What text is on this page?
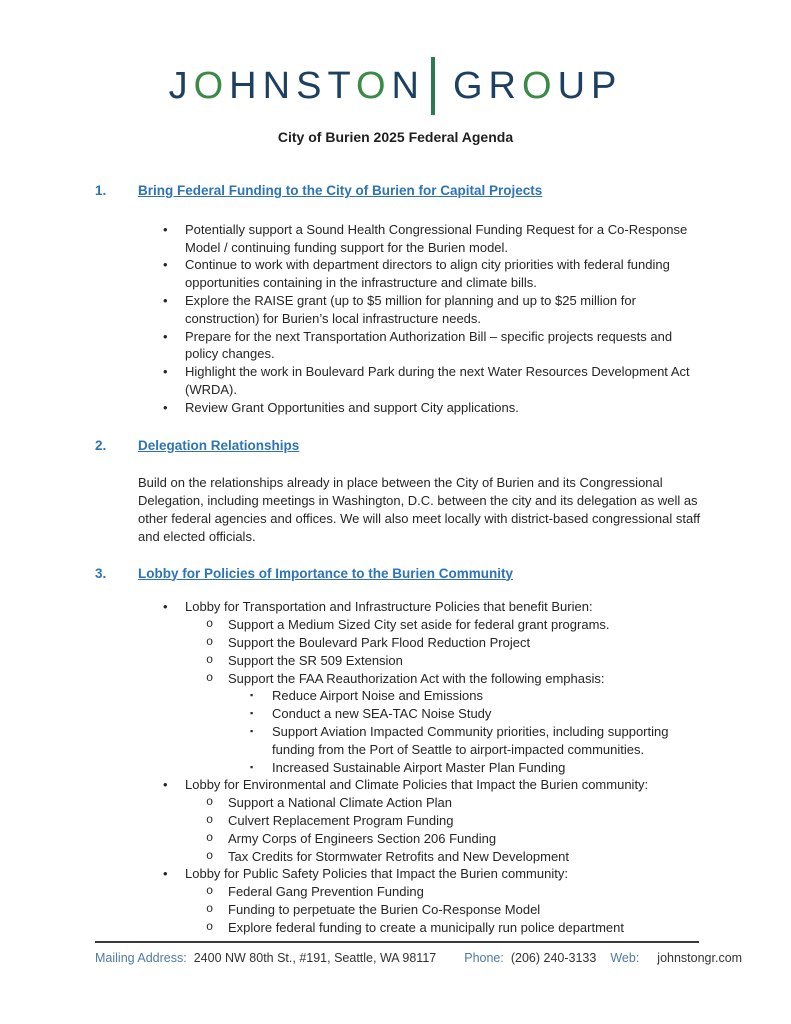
JOHNSTON GROUP
City of Burien 2025 Federal Agenda
1.	Bring Federal Funding to the City of Burien for Capital Projects
•	Potentially support a Sound Health Congressional Funding Request for a Co-Response Model / continuing funding support for the Burien model.
•	Continue to work with department directors to align city priorities with federal funding opportunities containing in the infrastructure and climate bills.
•	Explore the RAISE grant (up to $5 million for planning and up to $25 million for construction) for Burien’s local infrastructure needs.
•	Prepare for the next Transportation Authorization Bill – specific projects requests and policy changes.
•	Highlight the work in Boulevard Park during the next Water Resources Development Act (WRDA).
•	Review Grant Opportunities and support City applications.
2.	Delegation Relationships

Build on the relationships already in place between the City of Burien and its Congressional Delegation, including meetings in Washington, D.C. between the city and its delegation as well as other federal agencies and offices. We will also meet locally with district-based congressional staff and elected officials.

3.	Lobby for Policies of Importance to the Burien Community
•	Lobby for Transportation and Infrastructure Policies that benefit Burien:
o	Support a Medium Sized City set aside for federal grant programs.
o	Support the Boulevard Park Flood Reduction Project
o	Support the SR 509 Extension
o	Support the FAA Reauthorization Act with the following emphasis:
▪	Reduce Airport Noise and Emissions
▪	Conduct a new SEA-TAC Noise Study
▪	Support Aviation Impacted Community priorities, including supporting funding from the Port of Seattle to airport-impacted communities.
▪	Increased Sustainable Airport Master Plan Funding
•	Lobby for Environmental and Climate Policies that Impact the Burien community:
o	Support a National Climate Action Plan
o	Culvert Replacement Program Funding
o	Army Corps of Engineers Section 206 Funding
o	Tax Credits for Stormwater Retrofits and New Development
•	Lobby for Public Safety Policies that Impact the Burien community:
o	Federal Gang Prevention Funding
o	Funding to perpetuate the Burien Co-Response Model
o	Explore federal funding to create a municipally run police department
Mailing Address: 2400 NW 80th St., #191, Seattle, WA 98117 Phone: (206) 240-3133 Web: johnstongr.com
